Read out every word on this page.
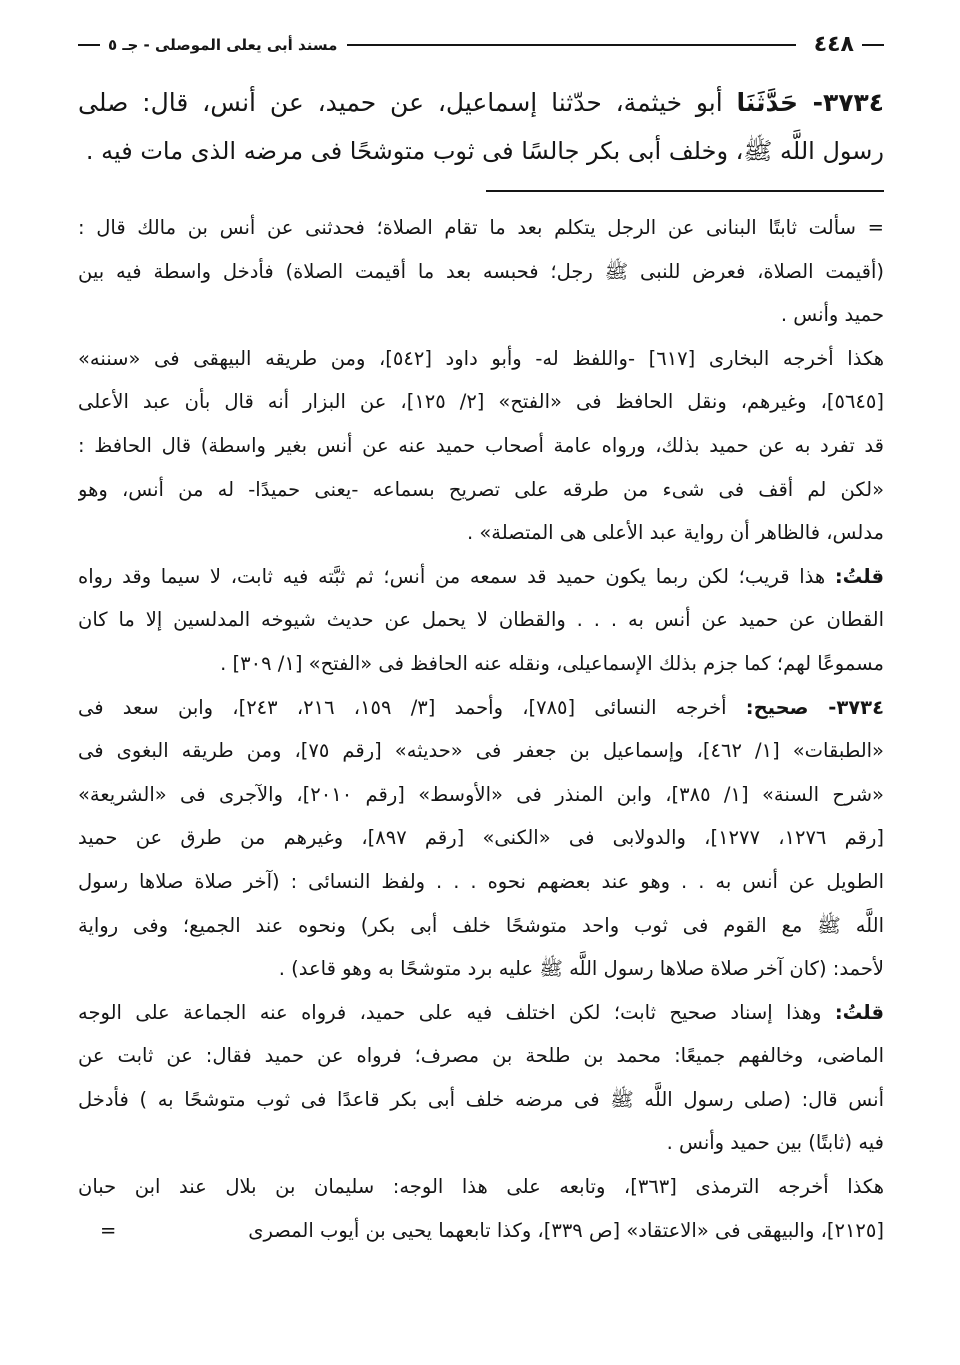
٤٤٨
مسند أبى يعلى الموصلى - جـ ٥
٣٧٣٤- حَدَّثَنَا أبو خيثمة، حدّثنا إسماعيل، عن حميد، عن أنس، قال: صلى
رسول اللَّه ﷺ، وخلف أبى بكر جالسًا فى ثوب متوشحًا فى مرضه الذى مات فيه .
= سألت ثابتًا البنانى عن الرجل يتكلم بعد ما تقام الصلاة؛ فحدثنى عن أنس بن مالك قال :
(أقيمت الصلاة، فعرض للنبى ﷺ رجل؛ فحبسه بعد ما أقيمت الصلاة) فأدخل واسطة فيه بين
حميد وأنس .
هكذا أخرجه البخارى [٦١٧] -واللفظ له- وأبو داود [٥٤٢]، ومن طريقه البيهقى فى «سننه»
[٥٦٤٥]، وغيرهم، ونقل الحافظ فى «الفتح» [٢/ ١٢٥]، عن البزار أنه قال بأن عبد الأعلى
قد تفرد به عن حميد بذلك، ورواه عامة أصحاب حميد عنه عن أنس بغير واسطة) قال الحافظ :
«لكن لم أقف فى شىء من طرقه على تصريح بسماعه -يعنى حميدًا- له من أنس، وهو
مدلس، فالظاهر أن رواية عبد الأعلى هى المتصلة» .
قلتُ: هذا قريب؛ لكن ربما يكون حميد قد سمعه من أنس؛ ثم ثبَّته فيه ثابت، لا سيما وقد رواه
القطان عن حميد عن أنس به . . . والقطان لا يحمل عن حديث شيوخه المدلسين إلا ما كان
مسموعًا لهم؛ كما جزم بذلك الإسماعيلى، ونقله عنه الحافظ فى «الفتح» [١/ ٣٠٩] .
٣٧٣٤- صحيح: أخرجه النسائى [٧٨٥]، وأحمد [٣/ ١٥٩، ٢١٦، ٢٤٣]، وابن سعد فى
«الطبقات» [١/ ٤٦٢]، وإسماعيل بن جعفر فى «حديثه» [رقم ٧٥]، ومن طريقه البغوى فى
«شرح السنة» [١/ ٣٨٥]، وابن المنذر فى «الأوسط» [رقم ٢٠١٠]، والآجرى فى «الشريعة»
[رقم ١٢٧٦، ١٢٧٧]، والدولابى فى «الكنى» [رقم ٨٩٧]، وغيرهم من طرق عن حميد
الطويل عن أنس به . . وهو عند بعضهم نحوه . . . ولفظ النسائى : (آخر صلاة صلاها رسول
اللَّه ﷺ مع القوم فى ثوب واحد متوشحًا خلف أبى بكر) ونحوه عند الجميع؛ وفى رواية
لأحمد: (كان آخر صلاة صلاها رسول اللَّه ﷺ عليه برد متوشحًا به وهو قاعد) .
قلتُ: وهذا إسناد صحيح ثابت؛ لكن اختلف فيه على حميد، فرواه عنه الجماعة على الوجه
الماضى، وخالفهم جميعًا: محمد بن طلحة بن مصرف؛ فرواه عن حميد فقال: عن ثابت عن
أنس قال: (صلى رسول اللَّه ﷺ فى مرضه خلف أبى بكر قاعدًا فى ثوب متوشحًا به ) فأدخل
فيه (ثابتًا) بين حميد وأنس .
هكذا أخرجه الترمذى [٣٦٣]، وتابعه على هذا الوجه: سليمان بن بلال عند ابن حبان
[٢١٢٥]، والبيهقى فى «الاعتقاد» [ص ٣٣٩]، وكذا تابعهما يحيى بن أيوب المصرى
=
